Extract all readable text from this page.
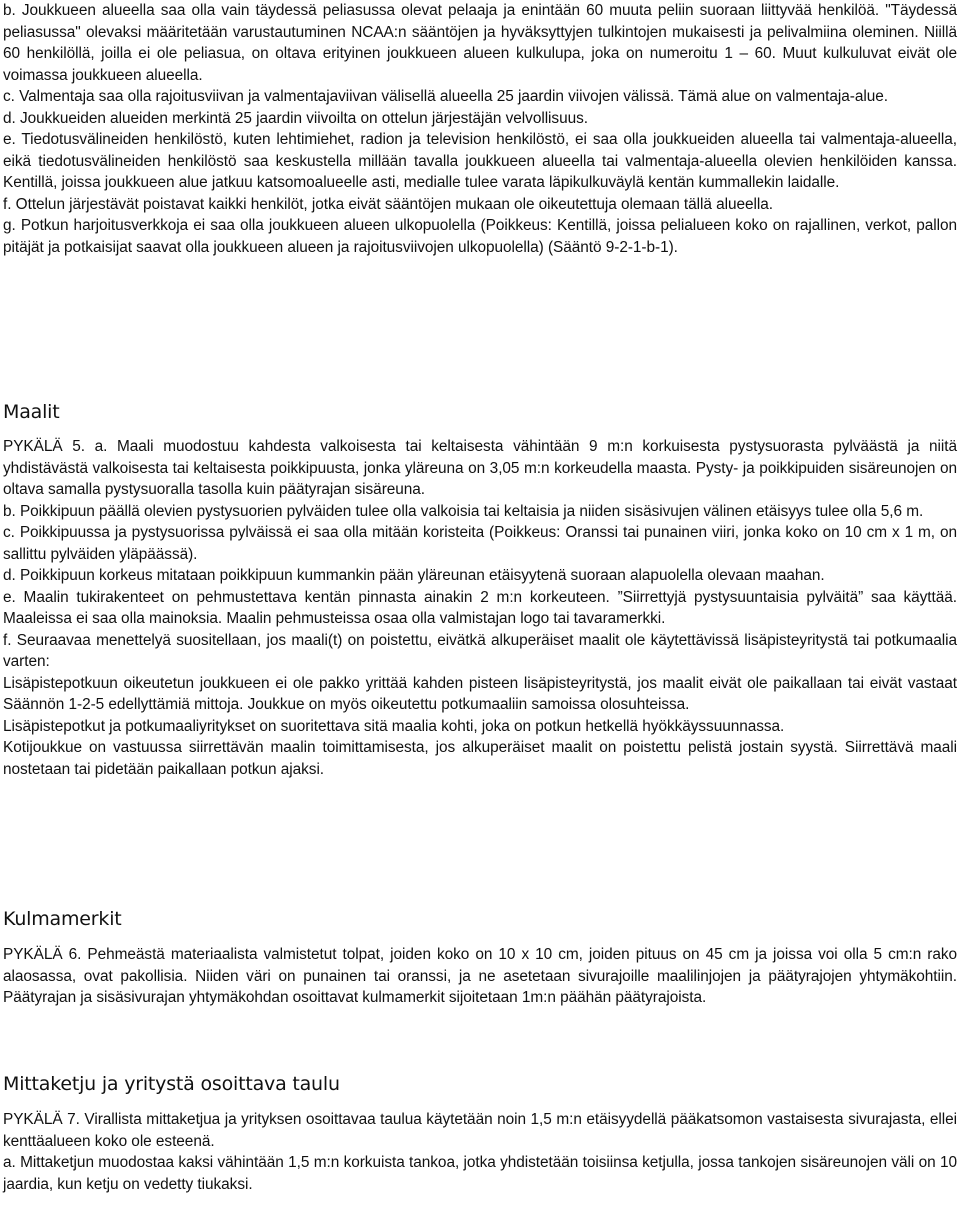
b. Joukkueen alueella saa olla vain täydessä peliasussa olevat pelaaja ja enintään 60 muuta peliin suoraan liittyvää henkilöä. "Täydessä peliasussa" olevaksi määritetään varustautuminen NCAA:n sääntöjen ja hyväksyttyjen tulkintojen mukaisesti ja pelivalmiina oleminen. Niillä 60 henkilöllä, joilla ei ole peliasua, on oltava erityinen joukkueen alueen kulkulupa, joka on numeroitu 1 – 60. Muut kulkuluvat eivät ole voimassa joukkueen alueella.

c. Valmentaja saa olla rajoitusviivan ja valmentajaviivan välisellä alueella 25 jaardin viivojen välissä. Tämä alue on valmentaja-alue.

d. Joukkueiden alueiden merkintä 25 jaardin viivoilta on ottelun järjestäjän velvollisuus.

e. Tiedotusvälineiden henkilöstö, kuten lehtimiehet, radion ja television henkilöstö, ei saa olla joukkueiden alueella tai valmentaja-alueella, eikä tiedotusvälineiden henkilöstö saa keskustella millään tavalla joukkueen alueella tai valmentaja-alueella olevien henkilöiden kanssa. Kentillä, joissa joukkueen alue jatkuu katsomoalueelle asti, medialle tulee varata läpikulkuväylä kentän kummallekin laidalle.

f. Ottelun järjestävät poistavat kaikki henkilöt, jotka eivät sääntöjen mukaan ole oikeutettuja olemaan tällä alueella.

g. Potkun harjoitusverkkoja ei saa olla joukkueen alueen ulkopuolella (Poikkeus: Kentillä, joissa pelialueen koko on rajallinen, verkot, pallon pitäjät ja potkaisijat saavat olla joukkueen alueen ja rajoitusviivojen ulkopuolella) (Sääntö 9-2-1-b-1).

Maalit

PYKÄLÄ 5. a. Maali muodostuu kahdesta valkoisesta tai keltaisesta vähintään 9 m:n korkuisesta pystysuorasta pylväästä ja niitä yhdistävästä valkoisesta tai keltaisesta poikkipuusta, jonka yläreuna on 3,05 m:n korkeudella maasta. Pysty- ja poikkipuiden sisäreunojen on oltava samalla pystysuoralla tasolla kuin päätyrajan sisäreuna.

b. Poikkipuun päällä olevien pystysuorien pylväiden tulee olla valkoisia tai keltaisia ja niiden sisäsivujen välinen etäisyys tulee olla 5,6 m.

c. Poikkipuussa ja pystysuorissa pylväissä ei saa olla mitään koristeita (Poikkeus: Oranssi tai punainen viiri, jonka koko on 10 cm x 1 m, on sallittu pylväiden yläpäässä).

d. Poikkipuun korkeus mitataan poikkipuun kummankin pään yläreunan etäisyytenä suoraan alapuolella olevaan maahan.

e. Maalin tukirakenteet on pehmustettava kentän pinnasta ainakin 2 m:n korkeuteen. ”Siirrettyjä pystysuuntaisia pylväitä” saa käyttää. Maaleissa ei saa olla mainoksia. Maalin pehmusteissa osaa olla valmistajan logo tai tavaramerkki.

f. Seuraavaa menettelyä suositellaan, jos maali(t) on poistettu, eivätkä alkuperäiset maalit ole käytettävissä lisäpisteyritystä tai potkumaalia varten:

Lisäpistepotkuun oikeutetun joukkueen ei ole pakko yrittää kahden pisteen lisäpisteyritystä, jos maalit eivät ole paikallaan tai eivät vastaat Säännön 1-2-5 edellyttämiä mittoja. Joukkue on myös oikeutettu potkumaaliin samoissa olosuhteissa.

Lisäpistepotkut ja potkumaaliyritykset on suoritettava sitä maalia kohti, joka on potkun hetkellä hyökkäyssuunnassa.

Kotijoukkue on vastuussa siirrettävän maalin toimittamisesta, jos alkuperäiset maalit on poistettu pelistä jostain syystä. Siirrettävä maali nostetaan tai pidetään paikallaan potkun ajaksi.

Kulmamerkit

PYKÄLÄ 6. Pehmeästä materiaalista valmistetut tolpat, joiden koko on 10 x 10 cm, joiden pituus on 45 cm ja joissa voi olla 5 cm:n rako alaosassa, ovat pakollisia. Niiden väri on punainen tai oranssi, ja ne asetetaan sivurajoille maalilinjojen ja päätyrajojen yhtymäkohtiin. Päätyrajan ja sisäsivurajan yhtymäkohdan osoittavat kulmamerkit sijoitetaan 1m:n päähän päätyrajoista.

Mittaketju ja yritystä osoittava taulu

PYKÄLÄ 7. Virallista mittaketjua ja yrityksen osoittavaa taulua käytetään noin 1,5 m:n etäisyydellä pääkatsomon vastaisesta sivurajasta, ellei kenttäalueen koko ole esteenä.

a. Mittaketjun muodostaa kaksi vähintään 1,5 m:n korkuista tankoa, jotka yhdistetään toisiinsa ketjulla, jossa tankojen sisäreunojen väli on 10 jaardia, kun ketju on vedetty tiukaksi.
